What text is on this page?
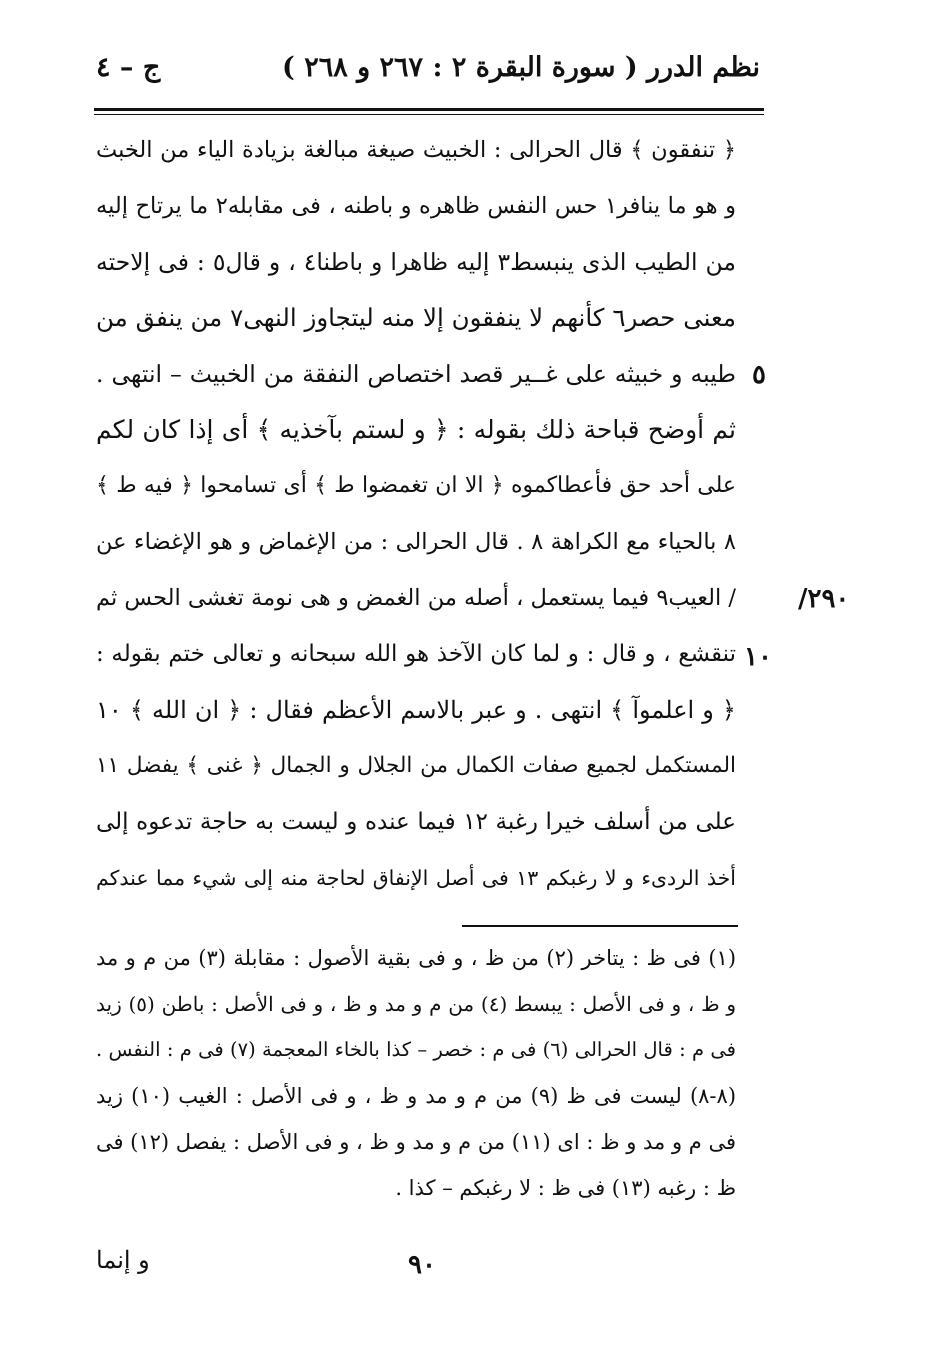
نظم الدرر
( سورة البقرة ٢ : ٢٦٧ و ٢٦٨ )
ج – ٤
﴿ تنفقون ﴾ قال الحرالى : الخبيث صيغة مبالغة بزيادة الياء من الخبث
و هو ما ينافر١ حس النفس ظاهره و باطنه ، فى مقابله٢ ما يرتاح إليه
من الطيب الذى ينبسط٣ إليه ظاهرا و باطنا٤ ، و قال٥ : فى إلاحته
معنى حصر٦ كأنهم لا ينفقون إلا منه ليتجاوز النهى٧ من ينفق من
طيبه و خبيثه على غــير قصد اختصاص النفقة من الخبيث – انتهى .
ثم أوضح قباحة ذلك بقوله : ﴿ و لستم بآخذيه ﴾ أى إذا كان لكم
على أحد حق فأعطاكموه ﴿ الا ان تغمضوا ط ﴾ أى تسامحوا ﴿ فيه ط ﴾
٨ بالحياء مع الكراهة ٨ . قال الحرالى : من الإغماض و هو الإغضاء عن
/ العيب٩ فيما يستعمل ، أصله من الغمض و هى نومة تغشى الحس ثم
تنقشع ، و قال : و لما كان الآخذ هو الله سبحانه و تعالى ختم بقوله :
﴿ و اعلموآ ﴾ انتهى . و عبر بالاسم الأعظم فقال : ﴿ ان الله ﴾ ١٠
المستكمل لجميع صفات الكمال من الجلال و الجمال ﴿ غنى ﴾ يفضل ١١
على من أسلف خيرا رغبة ١٢ فيما عنده و ليست به حاجة تدعوه إلى
أخذ الردىء و لا رغبكم ١٣ فى أصل الإنفاق لحاجة منه إلى شيء مما عندكم
٥
١٠
/٢٩٠
(١) فى ظ : يتاخر (٢) من ظ ، و فى بقية الأصول : مقابلة (٣) من م و مد
و ظ ، و فى الأصل : يبسط (٤) من م و مد و ظ ، و فى الأصل : باطن (٥) زيد
فى م : قال الحرالى (٦) فى م : خصر – كذا بالخاء المعجمة (٧) فى م : النفس .
(٨-٨) ليست فى ظ (٩) من م و مد و ظ ، و فى الأصل : الغيب (١٠) زيد
فى م و مد و ظ : اى (١١) من م و مد و ظ ، و فى الأصل : يفصل (١٢) فى
ظ : رغبه (١٣) فى ظ : لا رغبكم – كذا .
٩٠
و إنما
